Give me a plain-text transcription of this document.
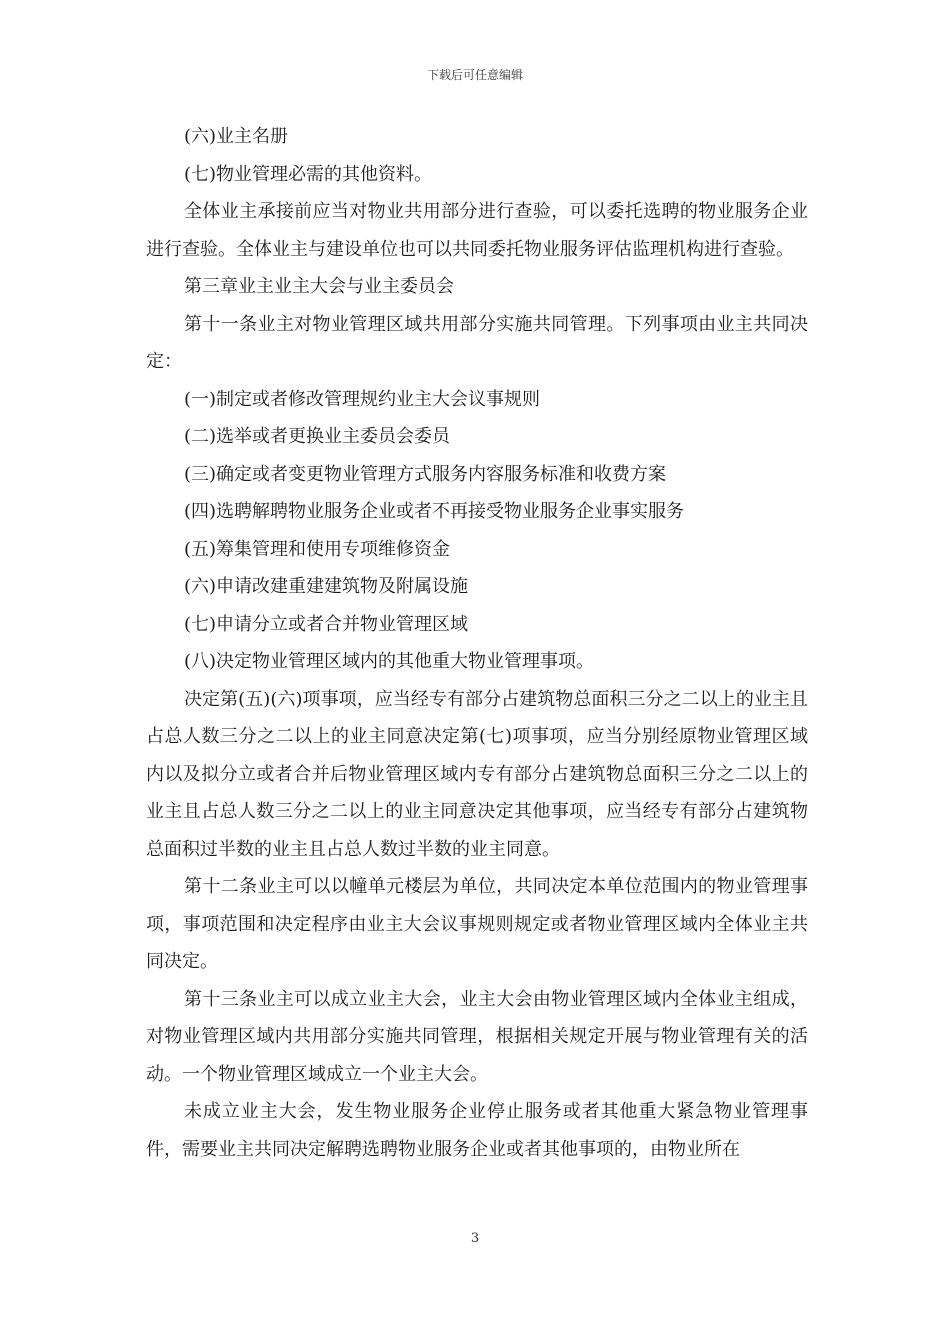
下载后可任意编辑

(六)业主名册

(七)物业管理必需的其他资料。

全体业主承接前应当对物业共用部分进行查验，可以委托选聘的物业服务企业进行查验。全体业主与建设单位也可以共同委托物业服务评估监理机构进行查验。

第三章业主业主大会与业主委员会

第十一条业主对物业管理区域共用部分实施共同管理。下列事项由业主共同决定：

(一)制定或者修改管理规约业主大会议事规则

(二)选举或者更换业主委员会委员

(三)确定或者变更物业管理方式服务内容服务标准和收费方案

(四)选聘解聘物业服务企业或者不再接受物业服务企业事实服务

(五)筹集管理和使用专项维修资金

(六)申请改建重建建筑物及附属设施

(七)申请分立或者合并物业管理区域

(八)决定物业管理区域内的其他重大物业管理事项。

决定第(五)(六)项事项，应当经专有部分占建筑物总面积三分之二以上的业主且占总人数三分之二以上的业主同意决定第(七)项事项，应当分别经原物业管理区域内以及拟分立或者合并后物业管理区域内专有部分占建筑物总面积三分之二以上的业主且占总人数三分之二以上的业主同意决定其他事项，应当经专有部分占建筑物总面积过半数的业主且占总人数过半数的业主同意。

第十二条业主可以以幢单元楼层为单位，共同决定本单位范围内的物业管理事项，事项范围和决定程序由业主大会议事规则规定或者物业管理区域内全体业主共同决定。

第十三条业主可以成立业主大会，业主大会由物业管理区域内全体业主组成，对物业管理区域内共用部分实施共同管理，根据相关规定开展与物业管理有关的活动。一个物业管理区域成立一个业主大会。

未成立业主大会，发生物业服务企业停止服务或者其他重大紧急物业管理事件，需要业主共同决定解聘选聘物业服务企业或者其他事项的，由物业所在

3
